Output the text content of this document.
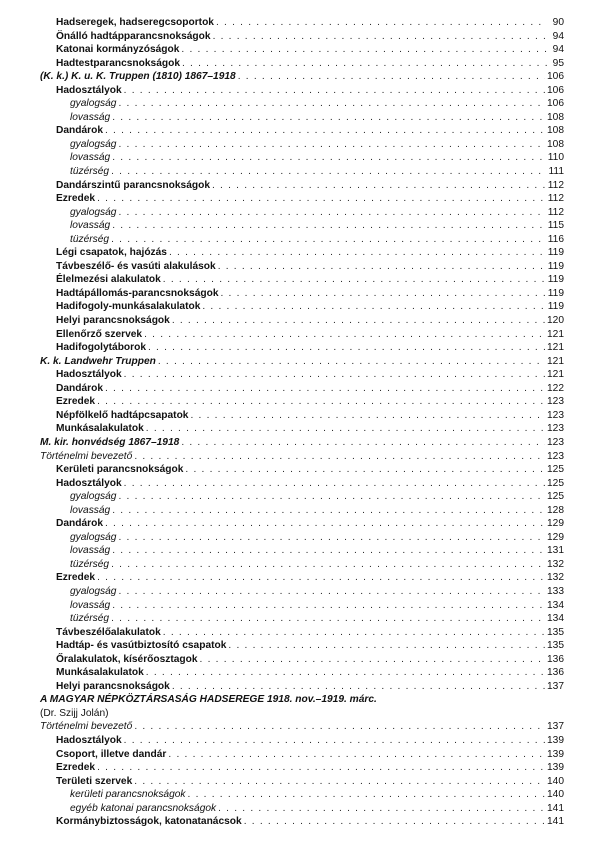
Hadseregek, hadseregcsoportok . . .	90
Önálló hadtápparancsnokságok . . .	94
Katonai kormányzóságok . . .	94
Hadtestparancsnokságok . . .	95
(K. k.) K. u. K. Truppen (1810) 1867–1918 . . .	106
Hadosztályok . . .	106
gyalogság . . .	106
lovasság . . .	108
Dandárok . . .	108
gyalogság . . .	108
lovasság . . .	110
tüzérség . . .	111
Dandárszintű parancsnokságok . . .	112
Ezredek . . .	112
gyalogság . . .	112
lovasság . . .	115
tüzérség . . .	116
Légi csapatok, hajózás . . .	119
Távbeszélő- és vasúti alakulások . . .	119
Élelmezési alakulatok . . .	119
Hadtápállomás-parancsnokságok . . .	119
Hadifogoly-munkásalakulatok . . .	119
Helyi parancsnokságok . . .	120
Ellenőrző szervek . . .	121
Hadifogolytáborok . . .	121
K. k. Landwehr Truppen . . .	121
Hadosztályok . . .	121
Dandárok . . .	122
Ezredek . . .	123
Népfölkelő hadtápcsapatok . . .	123
Munkásalakulatok . . .	123
M. kir. honvédség 1867–1918 . . .	123
Történelmi bevezető . . .	123
Kerületi parancsnokságok . . .	125
Hadosztályok . . .	125
gyalogság . . .	125
lovasság . . .	128
Dandárok . . .	129
gyalogság . . .	129
lovasság . . .	131
tüzérség . . .	132
Ezredek . . .	132
gyalogság . . .	133
lovasság . . .	134
tüzérség . . .	134
Távbeszélőalakulatok . . .	135
Hadtáp- és vasútbiztosító csapatok . . .	135
Őralakulatok, kísérőosztagok . . .	136
Munkásalakulatok . . .	136
Helyi parancsnokságok . . .	137
A MAGYAR NÉPKÖZTÁRSASÁG HADSEREGE 1918. nov.–1919. márc.
(Dr. Szijj Jolán)
Történelmi bevezető . . .	137
Hadosztályok . . .	139
Csoport, illetve dandár . . .	139
Ezredek . . .	139
Területi szervek . . .	140
kerületi parancsnokságok . . .	140
egyéb katonai parancsnokságok . . .	141
Kormánybiztosságok, katonatanácsok . . .	141
